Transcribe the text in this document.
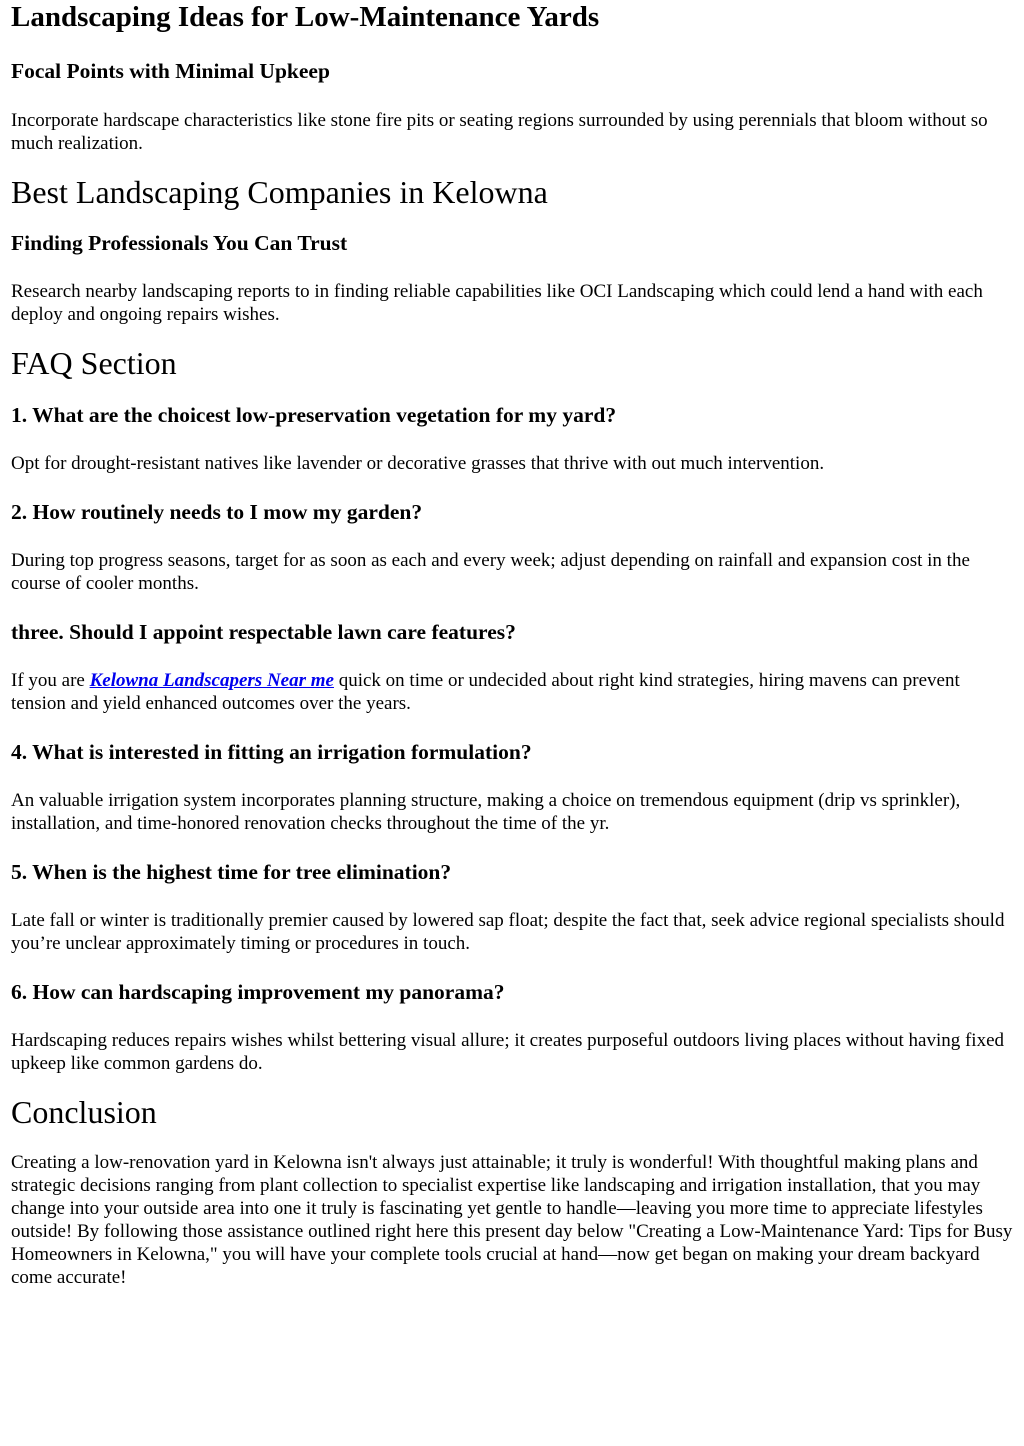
Landscaping Ideas for Low-Maintenance Yards
Focal Points with Minimal Upkeep

Incorporate hardscape characteristics like stone fire pits or seating regions surrounded by using perennials that bloom without so much realization.

Best Landscaping Companies in Kelowna
Finding Professionals You Can Trust

Research nearby landscaping reports to in finding reliable capabilities like OCI Landscaping which could lend a hand with each deploy and ongoing repairs wishes.

FAQ Section
1. What are the choicest low-preservation vegetation for my yard?

Opt for drought-resistant natives like lavender or decorative grasses that thrive with out much intervention.

2. How routinely needs to I mow my garden?

During top progress seasons, target for as soon as each and every week; adjust depending on rainfall and expansion cost in the course of cooler months.

three. Should I appoint respectable lawn care features?

If you are Kelowna Landscapers Near me quick on time or undecided about right kind strategies, hiring mavens can prevent tension and yield enhanced outcomes over the years.

4. What is interested in fitting an irrigation formulation?

An valuable irrigation system incorporates planning structure, making a choice on tremendous equipment (drip vs sprinkler), installation, and time-honored renovation checks throughout the time of the yr.

5. When is the highest time for tree elimination?

Late fall or winter is traditionally premier caused by lowered sap float; despite the fact that, seek advice regional specialists should you’re unclear approximately timing or procedures in touch.

6. How can hardscaping improvement my panorama?

Hardscaping reduces repairs wishes whilst bettering visual allure; it creates purposeful outdoors living places without having fixed upkeep like common gardens do.

Conclusion

Creating a low-renovation yard in Kelowna isn't always just attainable; it truly is wonderful! With thoughtful making plans and strategic decisions ranging from plant collection to specialist expertise like landscaping and irrigation installation, that you may change into your outside area into one it truly is fascinating yet gentle to handle—leaving you more time to appreciate lifestyles outside! By following those assistance outlined right here this present day below "Creating a Low-Maintenance Yard: Tips for Busy Homeowners in Kelowna," you will have your complete tools crucial at hand—now get began on making your dream backyard come accurate!
